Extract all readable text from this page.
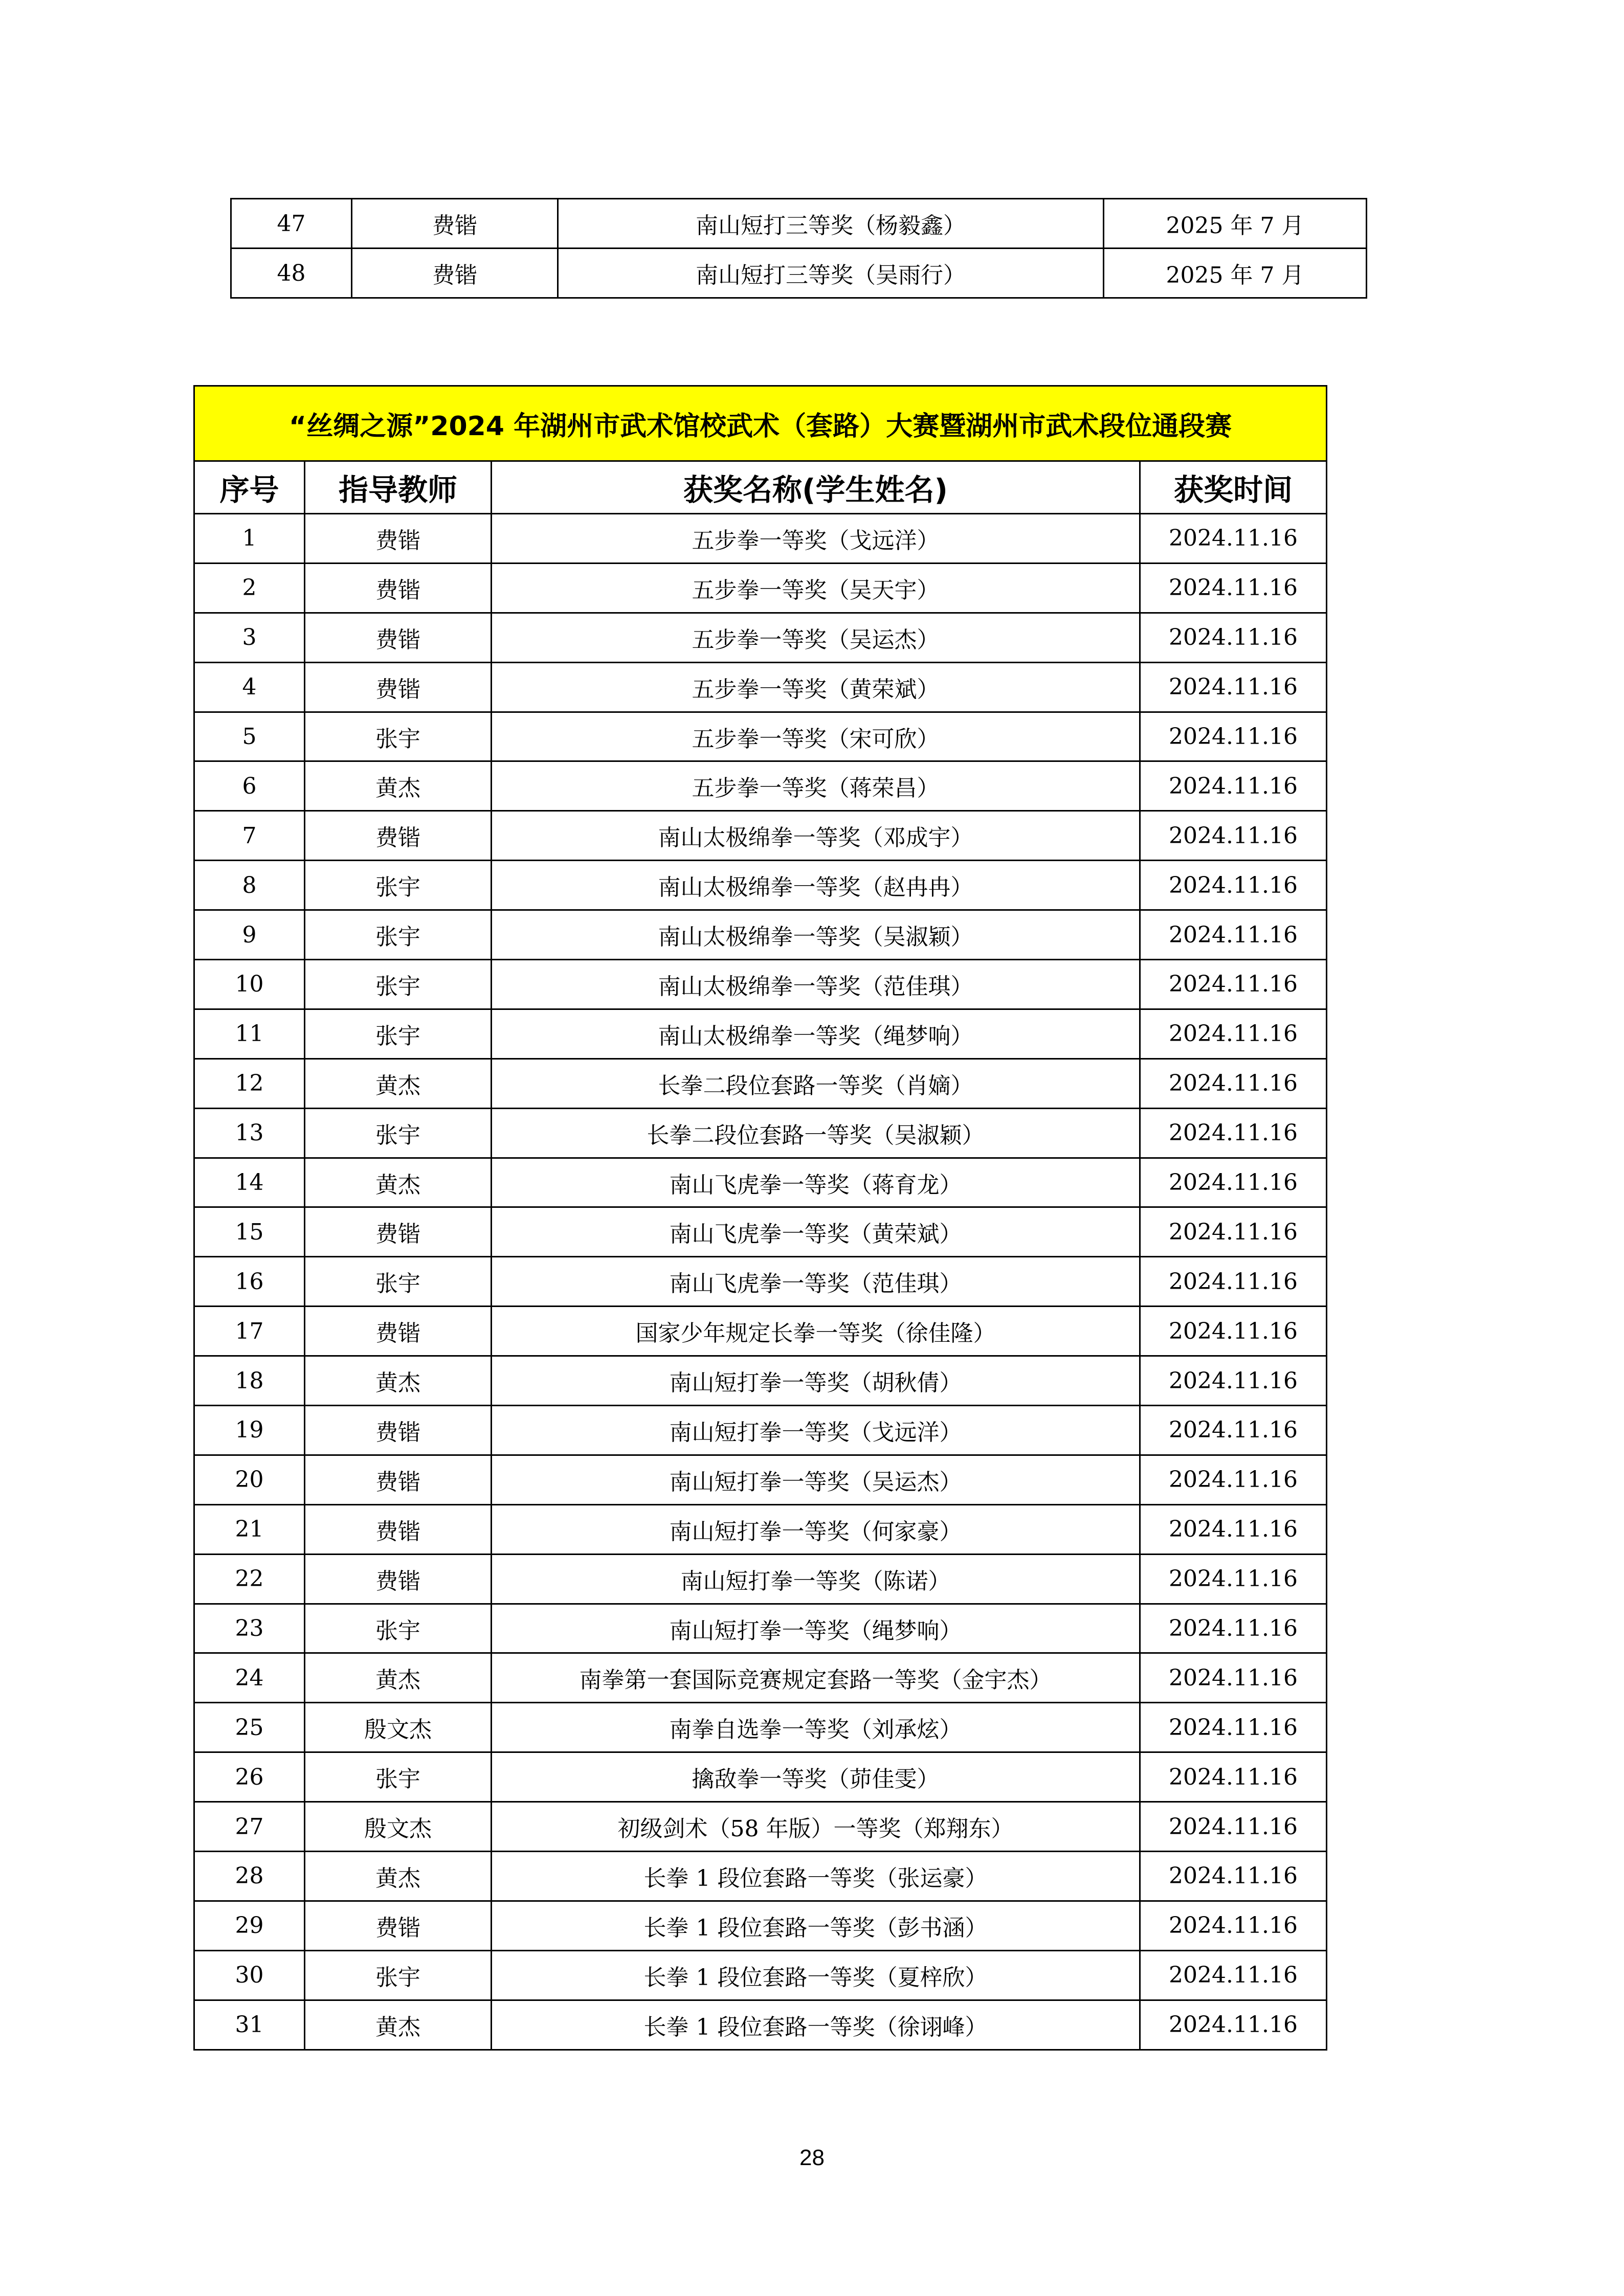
47	费锴	南山短打三等奖（杨毅鑫）	2025 年 7 月
48	费锴	南山短打三等奖（吴雨行）	2025 年 7 月
“丝绸之源”2024 年湖州市武术馆校武术（套路）大赛暨湖州市武术段位通段赛			
序号	指导教师	获奖名称(学生姓名)	获奖时间
1	费锴	五步拳一等奖（戈远洋）	2024.11.16
2	费锴	五步拳一等奖（吴天宇）	2024.11.16
3	费锴	五步拳一等奖（吴运杰）	2024.11.16
4	费锴	五步拳一等奖（黄荣斌）	2024.11.16
5	张宇	五步拳一等奖（宋可欣）	2024.11.16
6	黄杰	五步拳一等奖（蒋荣昌）	2024.11.16
7	费锴	南山太极绵拳一等奖（邓成宇）	2024.11.16
8	张宇	南山太极绵拳一等奖（赵冉冉）	2024.11.16
9	张宇	南山太极绵拳一等奖（吴淑颖）	2024.11.16
10	张宇	南山太极绵拳一等奖（范佳琪）	2024.11.16
11	张宇	南山太极绵拳一等奖（绳梦响）	2024.11.16
12	黄杰	长拳二段位套路一等奖（肖嫡）	2024.11.16
13	张宇	长拳二段位套路一等奖（吴淑颖）	2024.11.16
14	黄杰	南山飞虎拳一等奖（蒋育龙）	2024.11.16
15	费锴	南山飞虎拳一等奖（黄荣斌）	2024.11.16
16	张宇	南山飞虎拳一等奖（范佳琪）	2024.11.16
17	费锴	国家少年规定长拳一等奖（徐佳隆）	2024.11.16
18	黄杰	南山短打拳一等奖（胡秋倩）	2024.11.16
19	费锴	南山短打拳一等奖（戈远洋）	2024.11.16
20	费锴	南山短打拳一等奖（吴运杰）	2024.11.16
21	费锴	南山短打拳一等奖（何家豪）	2024.11.16
22	费锴	南山短打拳一等奖（陈诺）	2024.11.16
23	张宇	南山短打拳一等奖（绳梦响）	2024.11.16
24	黄杰	南拳第一套国际竞赛规定套路一等奖（金宇杰）	2024.11.16
25	殷文杰	南拳自选拳一等奖（刘承炫）	2024.11.16
26	张宇	擒敌拳一等奖（茆佳雯）	2024.11.16
27	殷文杰	初级剑术（58 年版）一等奖（郑翔东）	2024.11.16
28	黄杰	长拳 1 段位套路一等奖（张运豪）	2024.11.16
29	费锴	长拳 1 段位套路一等奖（彭书涵）	2024.11.16
30	张宇	长拳 1 段位套路一等奖（夏梓欣）	2024.11.16
31	黄杰	长拳 1 段位套路一等奖（徐诩峰）	2024.11.16
28
